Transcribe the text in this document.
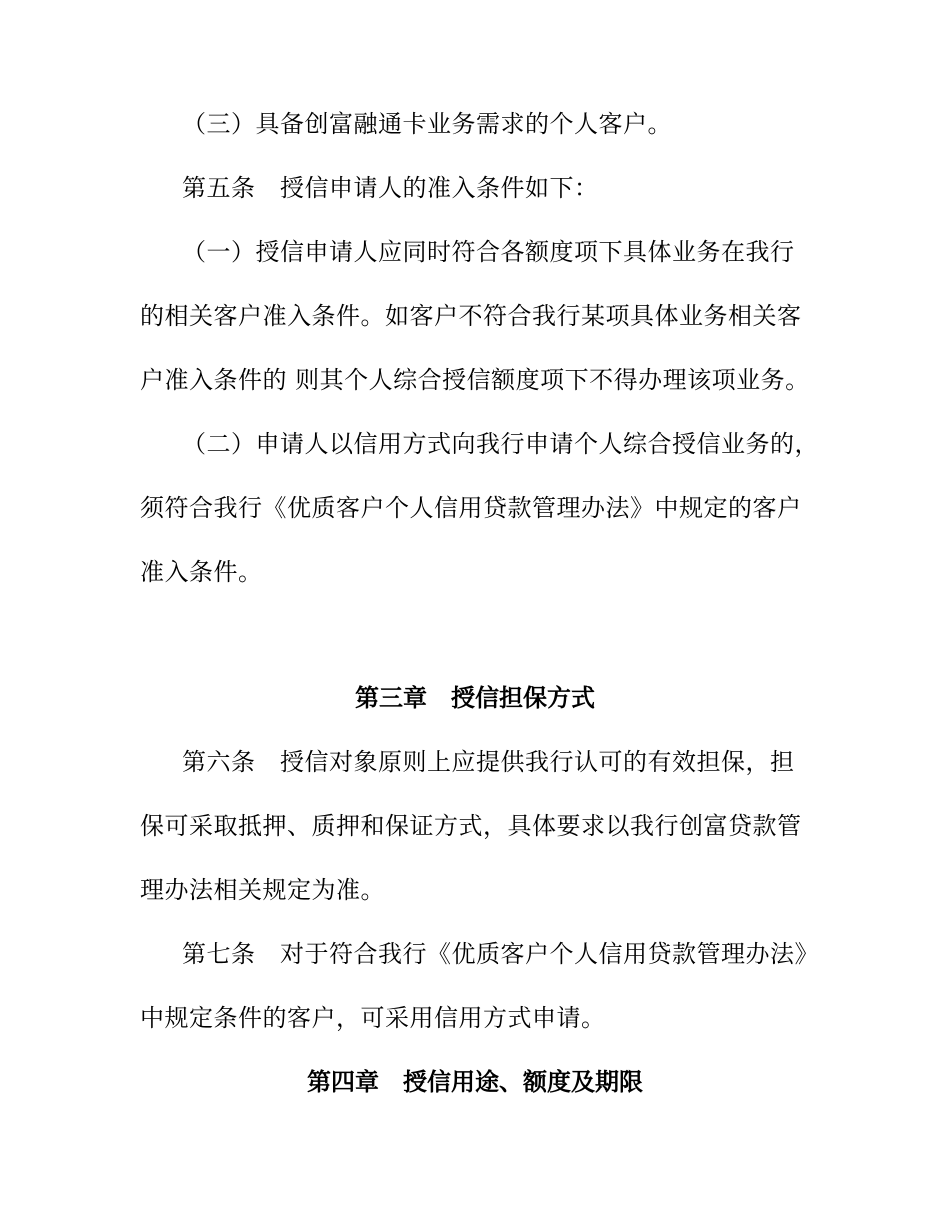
（三）具备创富融通卡业务需求的个人客户。
第五条　授信申请人的准入条件如下：
（一）授信申请人应同时符合各额度项下具体业务在我行
的相关客户准入条件。如客户不符合我行某项具体业务相关客
户准入条件的 则其个人综合授信额度项下不得办理该项业务。
（二）申请人以信用方式向我行申请个人综合授信业务的，
须符合我行《优质客户个人信用贷款管理办法》中规定的客户
准入条件。
第三章　授信担保方式
第六条　授信对象原则上应提供我行认可的有效担保，担
保可采取抵押、质押和保证方式，具体要求以我行创富贷款管
理办法相关规定为准。
第七条　对于符合我行《优质客户个人信用贷款管理办法》
中规定条件的客户，可采用信用方式申请。
第四章　授信用途、额度及期限
